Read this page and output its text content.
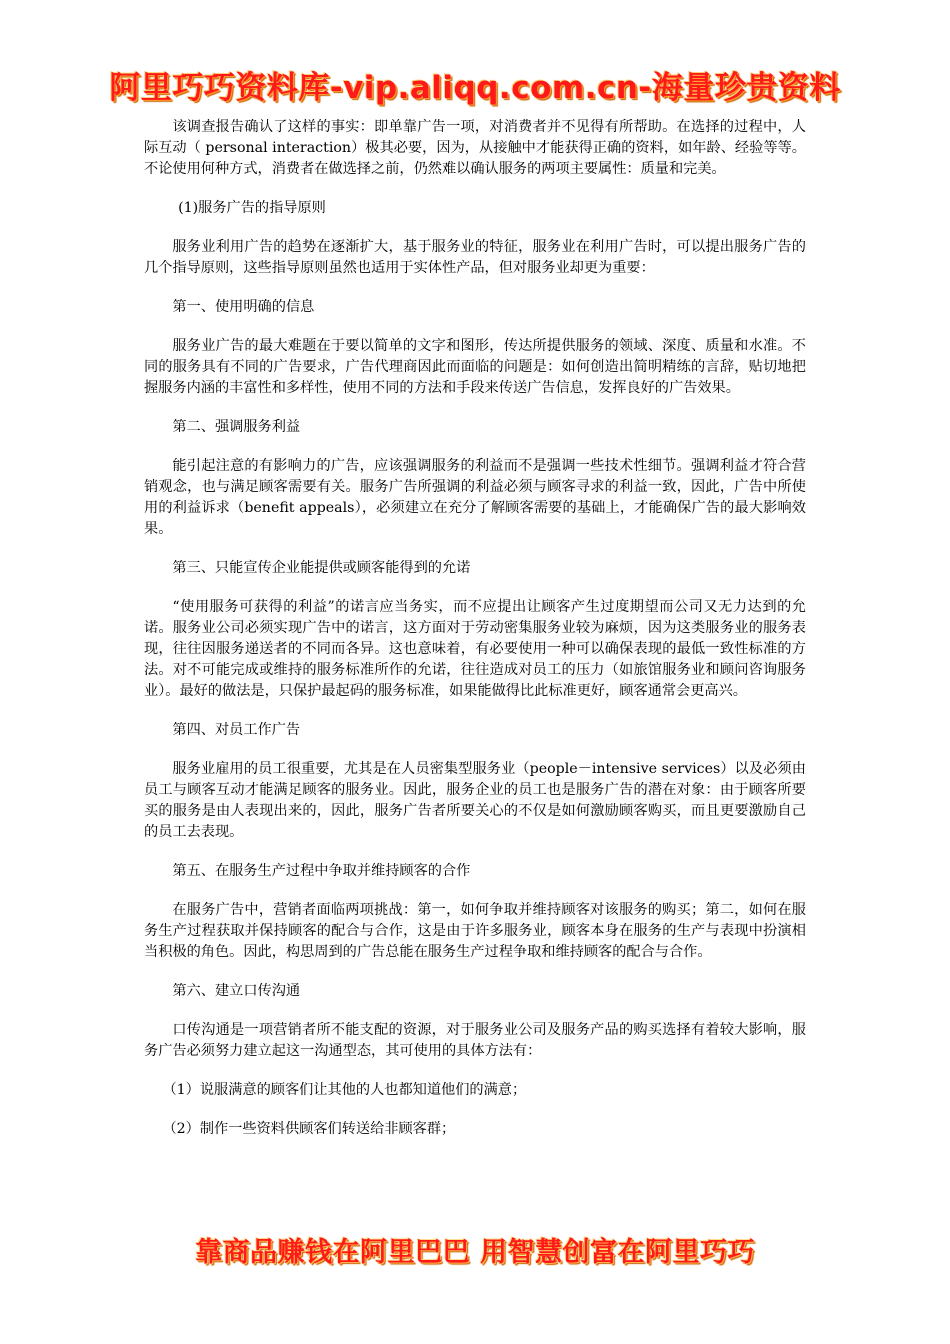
阿里巧巧资料库-vip.aliqq.com.cn-海量珍贵资料

该调查报告确认了这样的事实：即单靠广告一项，对消费者并不见得有所帮助。在选择的过程中，人际互动（ personal interaction）极其必要，因为，从接触中才能获得正确的资料，如年龄、经验等等。不论使用何种方式，消费者在做选择之前，仍然难以确认服务的两项主要属性：质量和完美。

(1)服务广告的指导原则

服务业利用广告的趋势在逐渐扩大，基于服务业的特征，服务业在利用广告时，可以提出服务广告的几个指导原则，这些指导原则虽然也适用于实体性产品，但对服务业却更为重要：

第一、使用明确的信息

服务业广告的最大难题在于要以简单的文字和图形，传达所提供服务的领域、深度、质量和水准。不同的服务具有不同的广告要求，广告代理商因此而面临的问题是：如何创造出简明精练的言辞，贴切地把握服务内涵的丰富性和多样性，使用不同的方法和手段来传送广告信息，发挥良好的广告效果。

第二、强调服务利益

能引起注意的有影响力的广告，应该强调服务的利益而不是强调一些技术性细节。强调利益才符合营销观念，也与满足顾客需要有关。服务广告所强调的利益必须与顾客寻求的利益一致，因此，广告中所使用的利益诉求（benefit appeals），必须建立在充分了解顾客需要的基础上，才能确保广告的最大影响效果。

第三、只能宣传企业能提供或顾客能得到的允诺

“使用服务可获得的利益”的诺言应当务实，而不应提出让顾客产生过度期望而公司又无力达到的允诺。服务业公司必须实现广告中的诺言，这方面对于劳动密集服务业较为麻烦，因为这类服务业的服务表现，往往因服务递送者的不同而各异。这也意味着，有必要使用一种可以确保表现的最低一致性标准的方法。对不可能完成或维持的服务标准所作的允诺，往往造成对员工的压力（如旅馆服务业和顾问咨询服务业）。最好的做法是，只保护最起码的服务标准，如果能做得比此标准更好，顾客通常会更高兴。

第四、对员工作广告

服务业雇用的员工很重要，尤其是在人员密集型服务业（people－intensive services）以及必须由员工与顾客互动才能满足顾客的服务业。因此，服务企业的员工也是服务广告的潜在对象：由于顾客所要买的服务是由人表现出来的，因此，服务广告者所要关心的不仅是如何激励顾客购买，而且更要激励自己的员工去表现。

第五、在服务生产过程中争取并维持顾客的合作

在服务广告中，营销者面临两项挑战：第一，如何争取并维持顾客对该服务的购买；第二，如何在服务生产过程获取并保持顾客的配合与合作，这是由于许多服务业，顾客本身在服务的生产与表现中扮演相当积极的角色。因此，构思周到的广告总能在服务生产过程争取和维持顾客的配合与合作。

第六、建立口传沟通

口传沟通是一项营销者所不能支配的资源，对于服务业公司及服务产品的购买选择有着较大影响，服务广告必须努力建立起这一沟通型态，其可使用的具体方法有：

（1）说服满意的顾客们让其他的人也都知道他们的满意；

（2）制作一些资料供顾客们转送给非顾客群；

靠商品赚钱在阿里巴巴 用智慧创富在阿里巧巧
